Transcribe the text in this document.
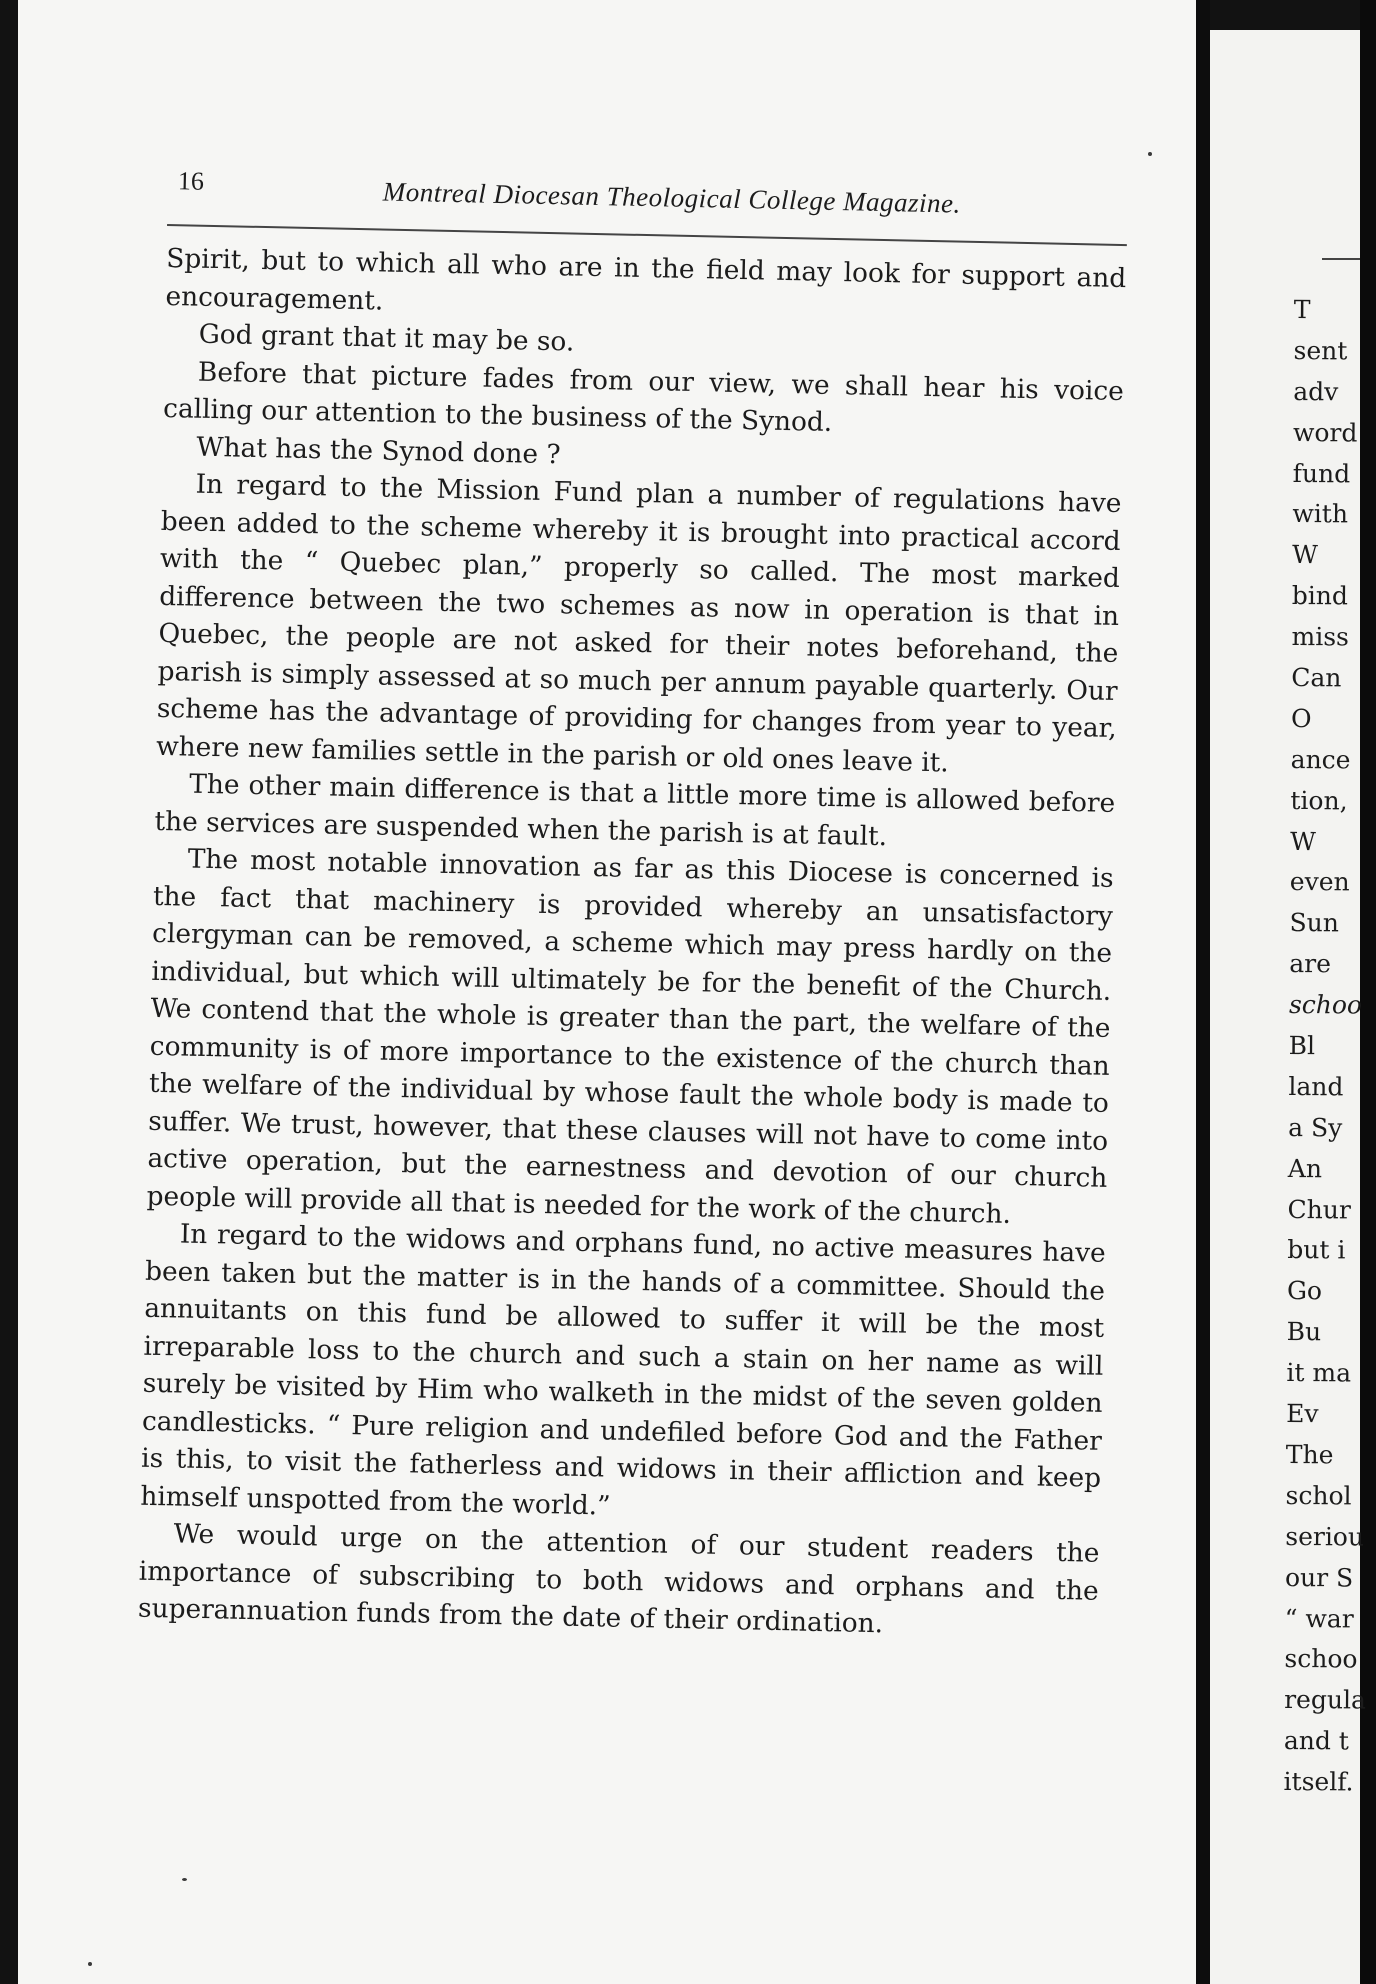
16	Montreal Diocesan Theological College Magazine.

Spirit, but to which all who are in the field may look for support and encouragement.

God grant that it may be so.

Before that picture fades from our view, we shall hear his voice calling our attention to the business of the Synod.

What has the Synod done ?

In regard to the Mission Fund plan a number of regulations have been added to the scheme whereby it is brought into practical accord with the “ Quebec plan,” properly so called. The most marked difference between the two schemes as now in operation is that in Quebec, the people are not asked for their notes beforehand, the parish is simply assessed at so much per annum payable quarterly. Our scheme has the advantage of providing for changes from year to year, where new families settle in the parish or old ones leave it.

The other main difference is that a little more time is allowed before the services are suspended when the parish is at fault.

The most notable innovation as far as this Diocese is concerned is the fact that machinery is provided whereby an unsatisfactory clergyman can be removed, a scheme which may press hardly on the individual, but which will ultimately be for the benefit of the Church. We contend that the whole is greater than the part, the welfare of the community is of more importance to the existence of the church than the welfare of the individual by whose fault the whole body is made to suffer. We trust, however, that these clauses will not have to come into active operation, but the earnestness and devotion of our church people will provide all that is needed for the work of the church.

In regard to the widows and orphans fund, no active measures have been taken but the matter is in the hands of a committee. Should the annuitants on this fund be allowed to suffer it will be the most irreparable loss to the church and such a stain on her name as will surely be visited by Him who walketh in the midst of the seven golden candlesticks. “ Pure religion and undefiled before God and the Father is this, to visit the fatherless and widows in their affliction and keep himself unspotted from the world.”

We would urge on the attention of our student readers the importance of subscribing to both widows and orphans and the superannuation funds from the date of their ordination.

T
sent
adv
word
fund
with
W
bind
miss
Can
O
ance
tion,
W
even
Sun
are
schoo
Bl
land
a Sy
An
Chur
but i
Go
Bu
it ma
Ev
The
schol
seriou
our S
“ war
schoo
regula
and t
itself.
